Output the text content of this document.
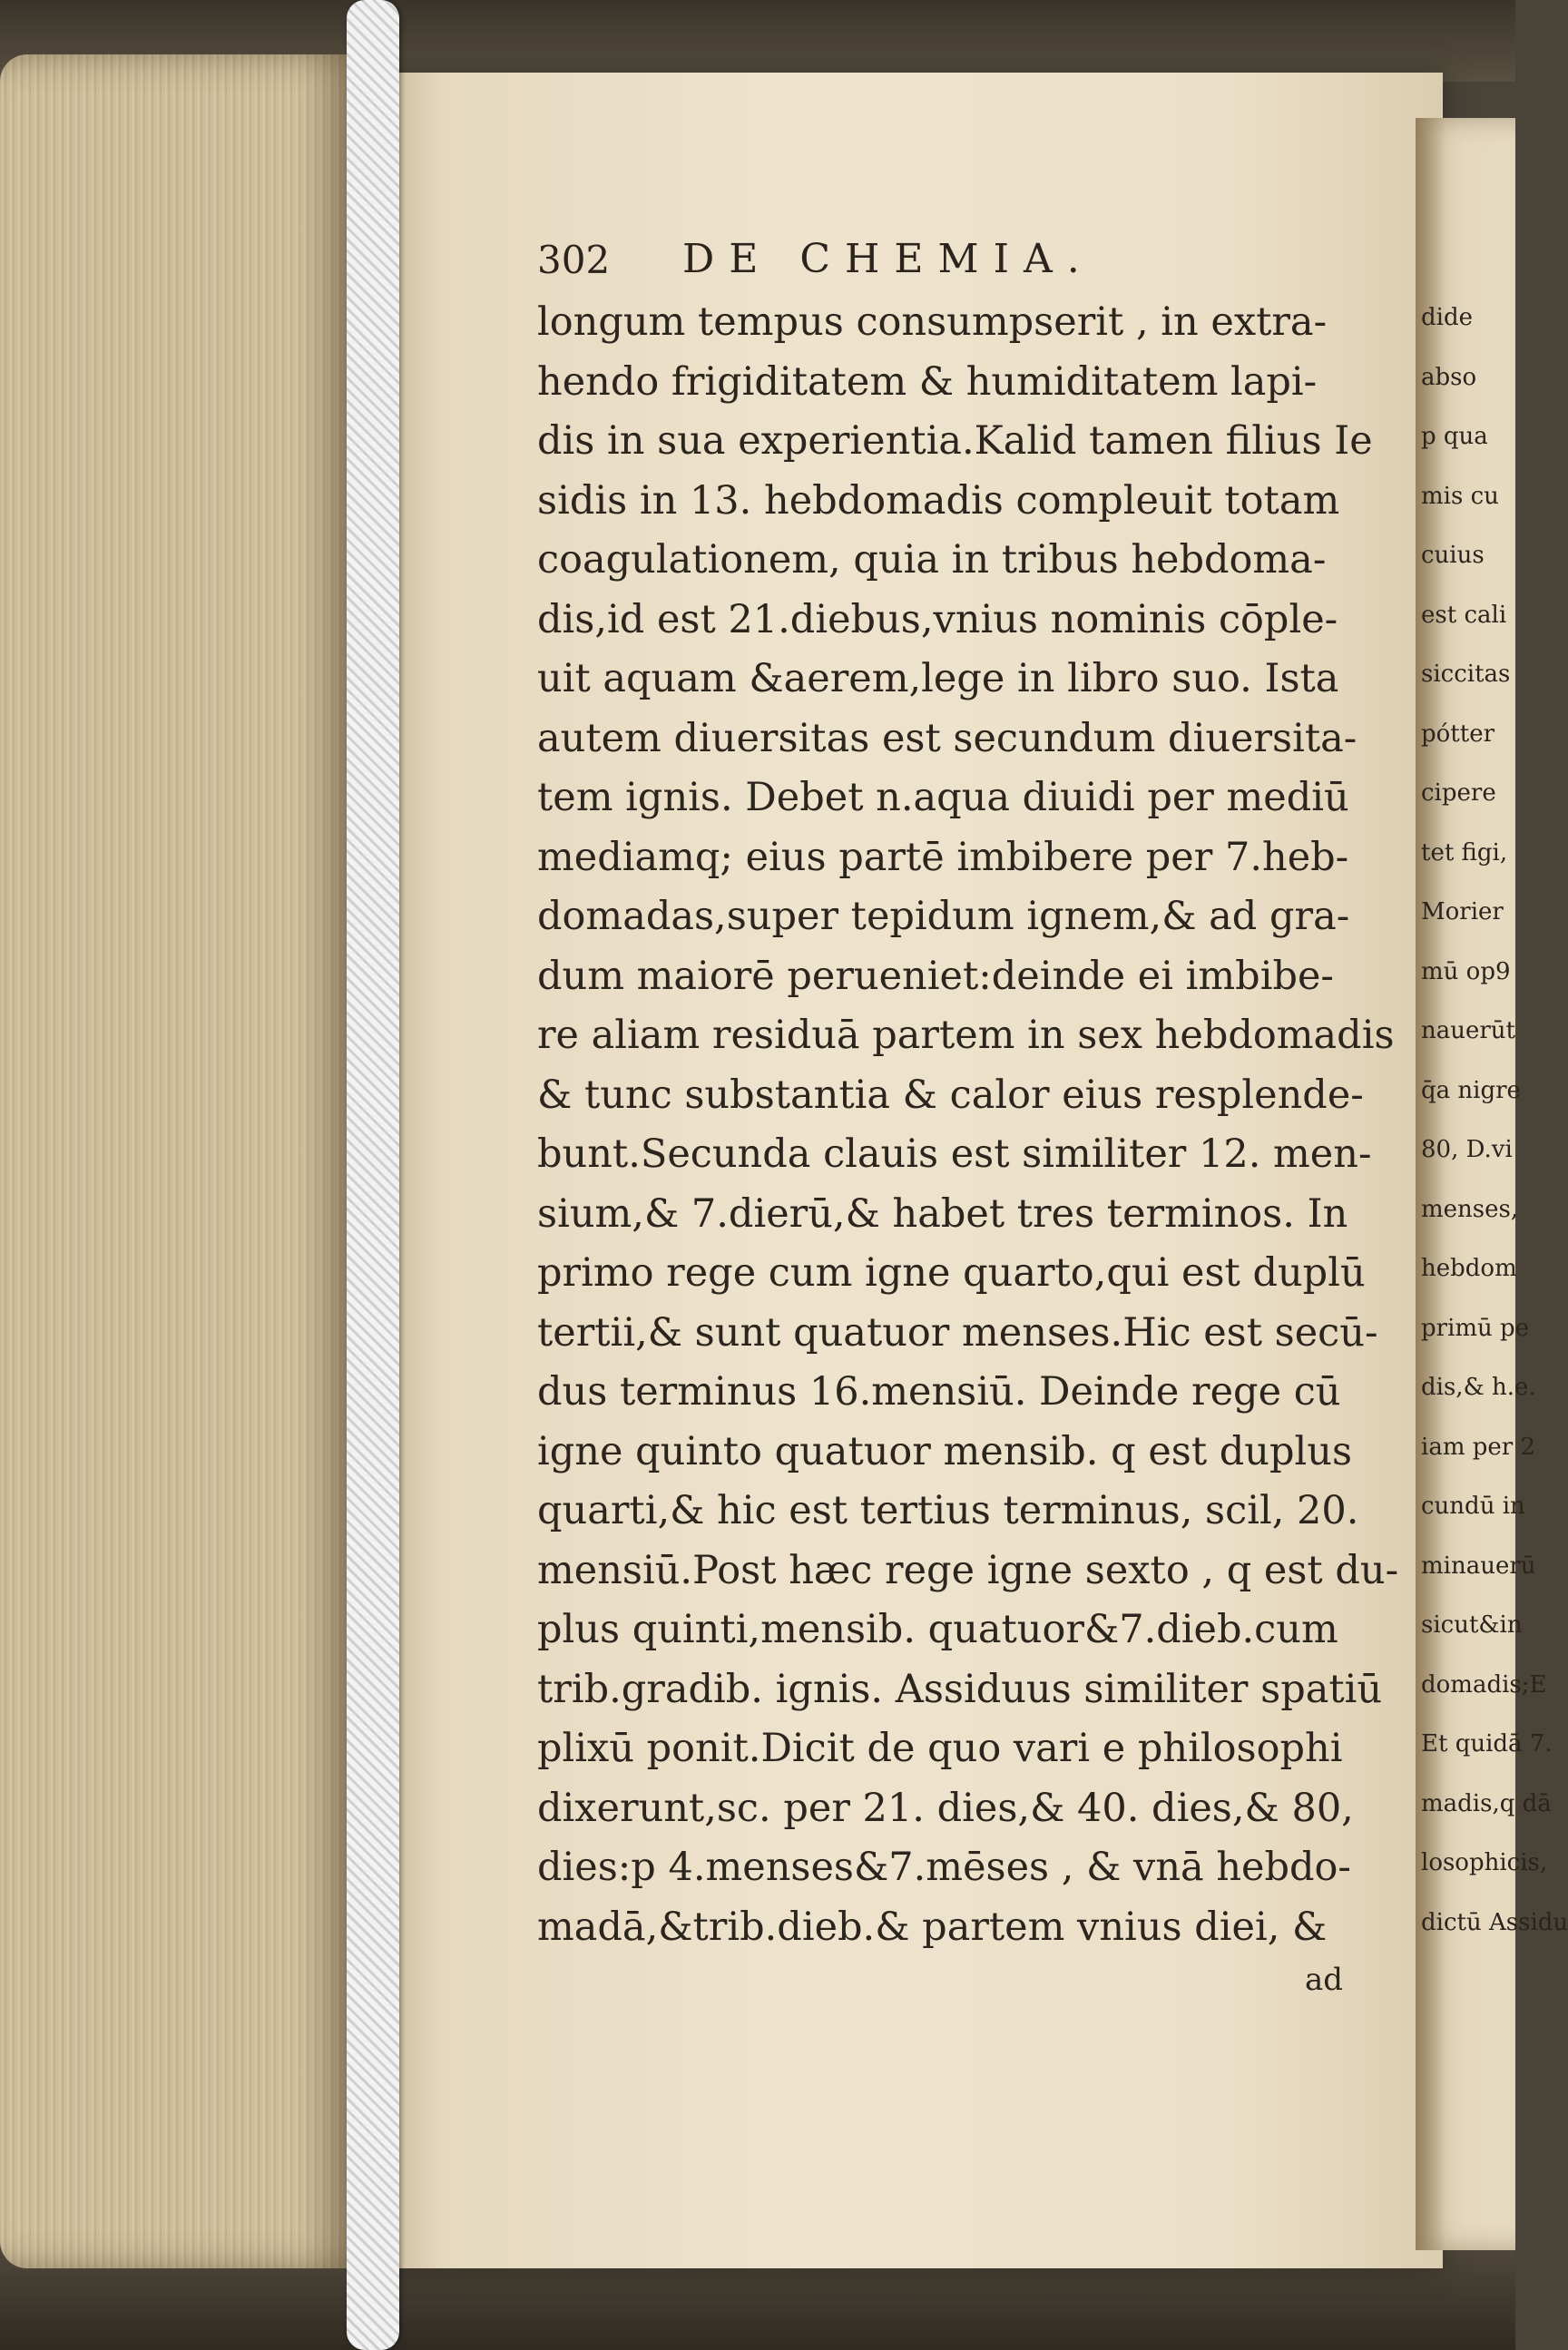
dide
abso
p qua
mis cu
cuius
est cali
siccitas
pótter
cipere
tet figi,
Morier
mū op9
nauerūt
q̄a nigre
80, D.vi
menses,
hebdom
primū pe
dis,& h.e.
iam per 2
cundū in
minauerū
sicut&in
domadis;E
Et quidā 7.
madis,q dā
losophicis,
dictū Assidu
302 DE CHEMIA.
longum tempus consumpserit , in extra-
hendo frigiditatem & humiditatem lapi-
dis in sua experientia.Kalid tamen filius Ie
sidis in 13. hebdomadis compleuit totam
coagulationem, quia in tribus hebdoma-
dis,id est 21.diebus,vnius nominis cōple-
uit aquam &aerem,lege in libro suo. Ista
autem diuersitas est secundum diuersita-
tem ignis. Debet n.aqua diuidi per mediū
mediamq; eius partē imbibere per 7.heb-
domadas,super tepidum ignem,& ad gra-
dum maiorē perueniet:deinde ei imbibe-
re aliam residuā partem in sex hebdomadis
& tunc substantia & calor eius resplende-
bunt.Secunda clauis est similiter 12. men-
sium,& 7.dierū,& habet tres terminos. In
primo rege cum igne quarto,qui est duplū
tertii,& sunt quatuor menses.Hic est secū-
dus terminus 16.mensiū. Deinde rege cū
igne quinto quatuor mensib. q est duplus
quarti,& hic est tertius terminus, scil, 20.
mensiū.Post hæc rege igne sexto , q est du-
plus quinti,mensib. quatuor&7.dieb.cum
trib.gradib. ignis. Assiduus similiter spatiū
plixū ponit.Dicit de quo vari e philosophi
dixerunt,sc. per 21. dies,& 40. dies,& 80,
dies:p 4.menses&7.mēses , & vnā hebdo-
madā,&trib.dieb.& partem vnius diei, &
ad
